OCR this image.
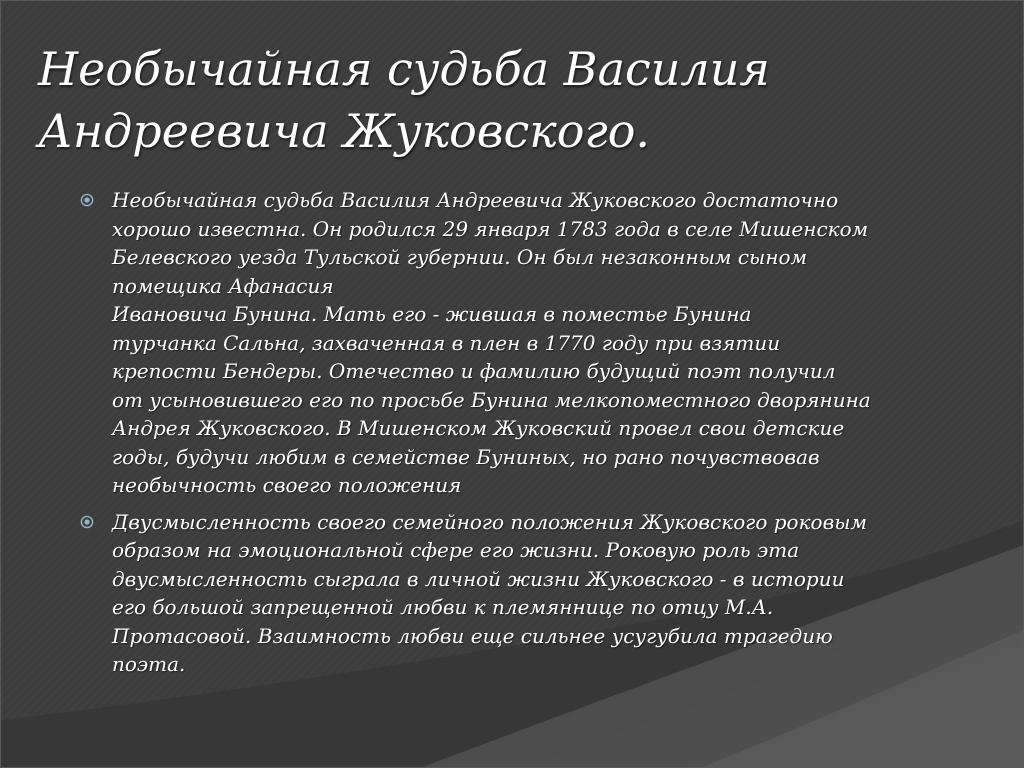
Необычайная судьба Василия Андреевича Жуковского.
Необычайная судьба Василия Андреевича Жуковского достаточно
хорошо известна. Он родился 29 января 1783 года в селе Мишенском
Белевского уезда Тульской губернии. Он был незаконным сыном
помещика Афанасия
Ивановича Бунина. Мать его - жившая в поместье Бунина
турчанка Сальна, захваченная в плен в 1770 году при взятии
крепости Бендеры. Отечество и фамилию будущий поэт получил
от усыновившего его по просьбе Бунина мелкопоместного дворянина
Андрея Жуковского. В Мишенском Жуковский провел свои детские
годы, будучи любим в семействе Буниных, но рано почувствовав
необычность своего положения
Двусмысленность своего семейного положения Жуковского роковым
образом на эмоциональной сфере его жизни. Роковую роль эта
двусмысленность сыграла в личной жизни Жуковского - в истории
его большой запрещенной любви к племяннице по отцу М.А.
Протасовой. Взаимность любви еще сильнее усугубила трагедию
поэта.
